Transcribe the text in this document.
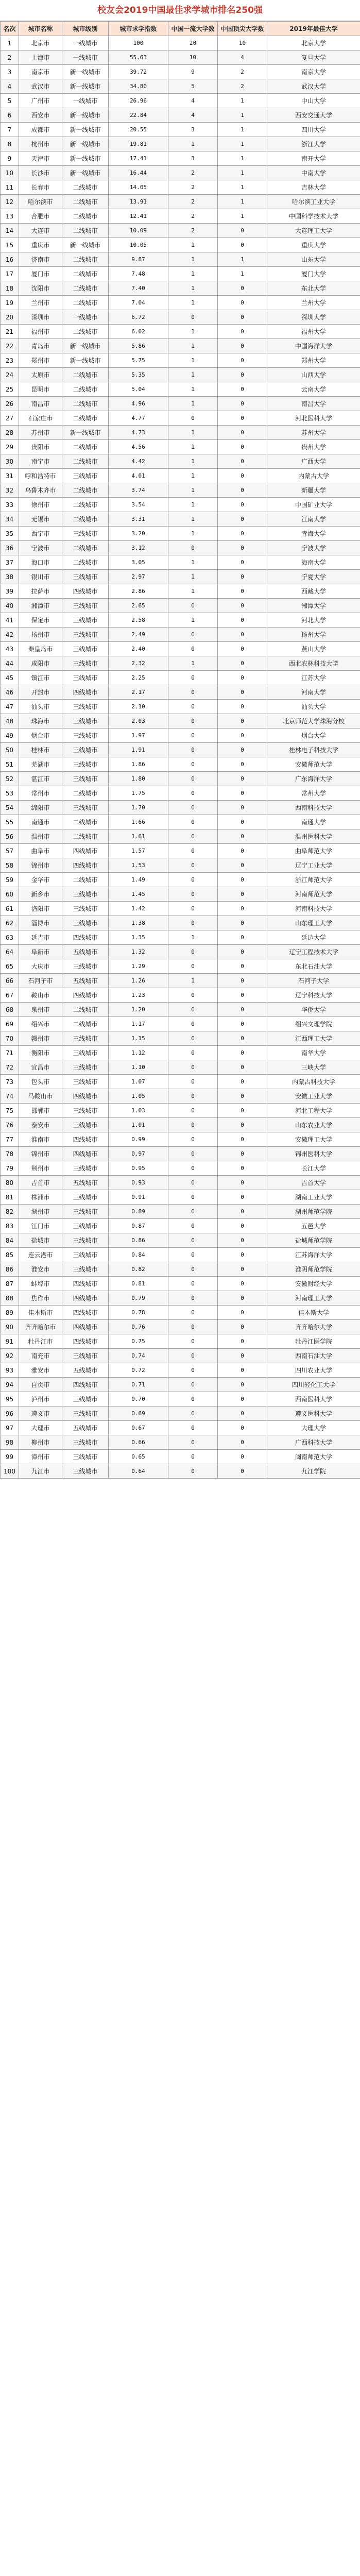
校友会2019中国最佳求学城市排名250强
名次	城市名称	城市级别	城市求学指数	中国一流大学数	中国顶尖大学数	2019年最佳大学
1	北京市	一线城市	100	20	10	北京大学
2	上海市	一线城市	55.63	10	4	复旦大学
3	南京市	新一线城市	39.72	9	2	南京大学
4	武汉市	新一线城市	34.80	5	2	武汉大学
5	广州市	一线城市	26.96	4	1	中山大学
6	西安市	新一线城市	22.84	4	1	西安交通大学
7	成都市	新一线城市	20.55	3	1	四川大学
8	杭州市	新一线城市	19.81	1	1	浙江大学
9	天津市	新一线城市	17.41	3	1	南开大学
10	长沙市	新一线城市	16.44	2	1	中南大学
11	长春市	二线城市	14.05	2	1	吉林大学
12	哈尔滨市	二线城市	13.91	2	1	哈尔滨工业大学
13	合肥市	二线城市	12.41	2	1	中国科学技术大学
14	大连市	二线城市	10.09	2	0	大连理工大学
15	重庆市	新一线城市	10.05	1	0	重庆大学
16	济南市	二线城市	9.87	1	1	山东大学
17	厦门市	二线城市	7.48	1	1	厦门大学
18	沈阳市	二线城市	7.40	1	0	东北大学
19	兰州市	二线城市	7.04	1	0	兰州大学
20	深圳市	一线城市	6.72	0	0	深圳大学
21	福州市	二线城市	6.02	1	0	福州大学
22	青岛市	新一线城市	5.86	1	0	中国海洋大学
23	郑州市	新一线城市	5.75	1	0	郑州大学
24	太原市	二线城市	5.35	1	0	山西大学
25	昆明市	二线城市	5.04	1	0	云南大学
26	南昌市	二线城市	4.96	1	0	南昌大学
27	石家庄市	二线城市	4.77	0	0	河北医科大学
28	苏州市	新一线城市	4.73	1	0	苏州大学
29	贵阳市	二线城市	4.56	1	0	贵州大学
30	南宁市	二线城市	4.42	1	0	广西大学
31	呼和浩特市	三线城市	4.01	1	0	内蒙古大学
32	乌鲁木齐市	二线城市	3.74	1	0	新疆大学
33	徐州市	二线城市	3.54	1	0	中国矿业大学
34	无锡市	二线城市	3.31	1	0	江南大学
35	西宁市	三线城市	3.20	1	0	青海大学
36	宁波市	二线城市	3.12	0	0	宁波大学
37	海口市	二线城市	3.05	1	0	海南大学
38	银川市	三线城市	2.97	1	0	宁夏大学
39	拉萨市	四线城市	2.86	1	0	西藏大学
40	湘潭市	三线城市	2.65	0	0	湘潭大学
41	保定市	三线城市	2.58	1	0	河北大学
42	扬州市	三线城市	2.49	0	0	扬州大学
43	秦皇岛市	三线城市	2.40	0	0	燕山大学
44	咸阳市	三线城市	2.32	1	0	西北农林科技大学
45	镇江市	三线城市	2.25	0	0	江苏大学
46	开封市	四线城市	2.17	0	0	河南大学
47	汕头市	三线城市	2.10	0	0	汕头大学
48	珠海市	三线城市	2.03	0	0	北京师范大学珠海分校
49	烟台市	三线城市	1.97	0	0	烟台大学
50	桂林市	三线城市	1.91	0	0	桂林电子科技大学
51	芜湖市	三线城市	1.86	0	0	安徽师范大学
52	湛江市	三线城市	1.80	0	0	广东海洋大学
53	常州市	二线城市	1.75	0	0	常州大学
54	绵阳市	三线城市	1.70	0	0	西南科技大学
55	南通市	二线城市	1.66	0	0	南通大学
56	温州市	二线城市	1.61	0	0	温州医科大学
57	曲阜市	四线城市	1.57	0	0	曲阜师范大学
58	锦州市	四线城市	1.53	0	0	辽宁工业大学
59	金华市	二线城市	1.49	0	0	浙江师范大学
60	新乡市	三线城市	1.45	0	0	河南师范大学
61	洛阳市	三线城市	1.42	0	0	河南科技大学
62	淄博市	三线城市	1.38	0	0	山东理工大学
63	延吉市	四线城市	1.35	1	0	延边大学
64	阜新市	五线城市	1.32	0	0	辽宁工程技术大学
65	大庆市	三线城市	1.29	0	0	东北石油大学
66	石河子市	五线城市	1.26	1	0	石河子大学
67	鞍山市	四线城市	1.23	0	0	辽宁科技大学
68	泉州市	二线城市	1.20	0	0	华侨大学
69	绍兴市	二线城市	1.17	0	0	绍兴文理学院
70	赣州市	三线城市	1.15	0	0	江西理工大学
71	衡阳市	三线城市	1.12	0	0	南华大学
72	宜昌市	三线城市	1.10	0	0	三峡大学
73	包头市	三线城市	1.07	0	0	内蒙古科技大学
74	马鞍山市	四线城市	1.05	0	0	安徽工业大学
75	邯郸市	三线城市	1.03	0	0	河北工程大学
76	泰安市	三线城市	1.01	0	0	山东农业大学
77	淮南市	四线城市	0.99	0	0	安徽理工大学
78	锦州市	四线城市	0.97	0	0	锦州医科大学
79	荆州市	三线城市	0.95	0	0	长江大学
80	吉首市	五线城市	0.93	0	0	吉首大学
81	株洲市	三线城市	0.91	0	0	湖南工业大学
82	湖州市	三线城市	0.89	0	0	湖州师范学院
83	江门市	三线城市	0.87	0	0	五邑大学
84	盐城市	三线城市	0.86	0	0	盐城师范学院
85	连云港市	三线城市	0.84	0	0	江苏海洋大学
86	淮安市	三线城市	0.82	0	0	淮阴师范学院
87	蚌埠市	四线城市	0.81	0	0	安徽财经大学
88	焦作市	四线城市	0.79	0	0	河南理工大学
89	佳木斯市	四线城市	0.78	0	0	佳木斯大学
90	齐齐哈尔市	四线城市	0.76	0	0	齐齐哈尔大学
91	牡丹江市	四线城市	0.75	0	0	牡丹江医学院
92	南充市	三线城市	0.74	0	0	西南石油大学
93	雅安市	五线城市	0.72	0	0	四川农业大学
94	自贡市	四线城市	0.71	0	0	四川轻化工大学
95	泸州市	三线城市	0.70	0	0	西南医科大学
96	遵义市	三线城市	0.69	0	0	遵义医科大学
97	大理市	五线城市	0.67	0	0	大理大学
98	柳州市	三线城市	0.66	0	0	广西科技大学
99	漳州市	三线城市	0.65	0	0	闽南师范大学
100	九江市	三线城市	0.64	0	0	九江学院
